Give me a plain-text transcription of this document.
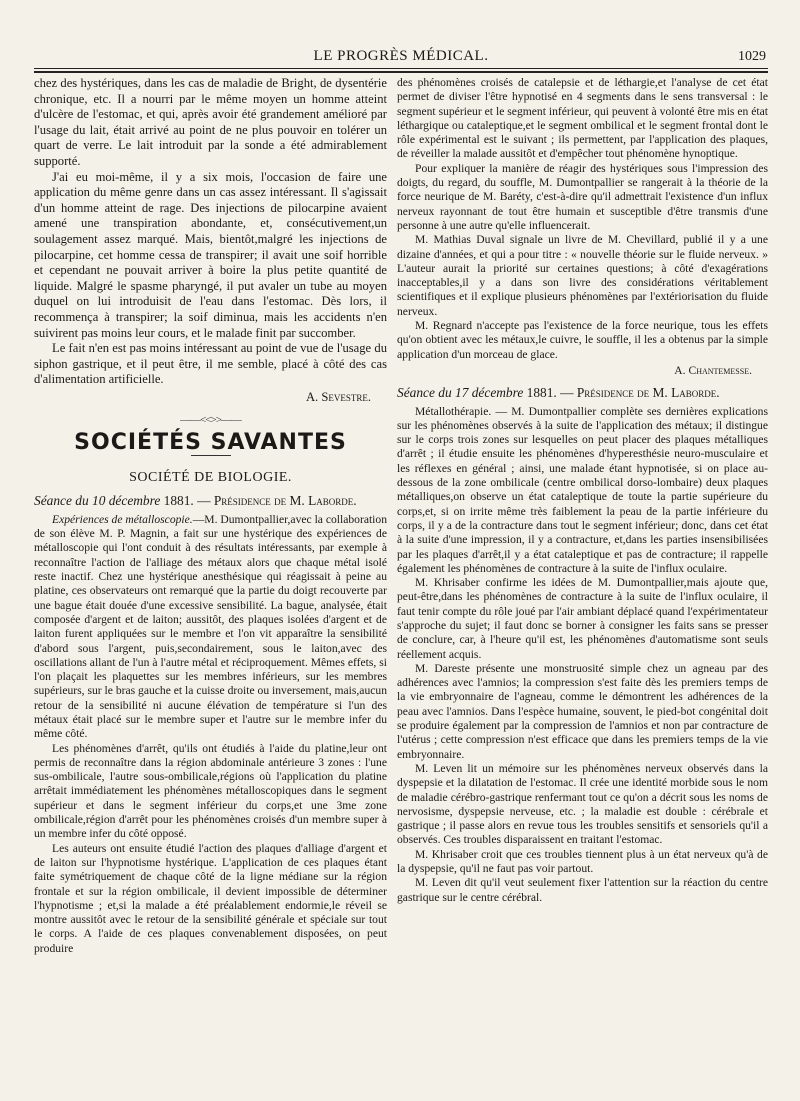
LE PROGRÈS MÉDICAL.	1029

chez des hystériques, dans les cas de maladie de Bright, de dysentérie chronique, etc. Il a nourri par le même moyen un homme atteint d'ulcère de l'estomac, et qui, après avoir été grandement amélioré par l'usage du lait, était arrivé au point de ne plus pouvoir en tolérer un quart de verre. Le lait introduit par la sonde a été admirablement supporté.

J'ai eu moi-même, il y a six mois, l'occasion de faire une application du même genre dans un cas assez intéressant. Il s'agissait d'un homme atteint de rage. Des injections de pilocarpine avaient amené une transpiration abondante, et, consécutivement,un soulagement assez marqué. Mais, bientôt,malgré les injections de pilocarpine, cet homme cessa de transpirer; il avait une soif horrible et cependant ne pouvait arriver à boire la plus petite quantité de liquide. Malgré le spasme pharyngé, il put avaler un tube au moyen duquel on lui introduisit de l'eau dans l'estomac. Dès lors, il recommença à transpirer; la soif diminua, mais les accidents n'en suivirent pas moins leur cours, et le malade finit par succomber.

Le fait n'en est pas moins intéressant au point de vue de l'usage du siphon gastrique, et il peut être, il me semble, placé à côté des cas d'alimentation artificielle.

A. Sevestre.
——<<>>——
SOCIÉTÉS SAVANTES
SOCIÉTÉ DE BIOLOGIE.

Séance du 10 décembre 1881. — Présidence de M. Laborde.

Expériences de métalloscopie.—M. Dumontpallier,avec la collaboration de son élève M. P. Magnin, a fait sur une hystérique des expériences de métalloscopie qui l'ont conduit à des résultats intéressants, par exemple à reconnaître l'action de l'alliage des métaux alors que chaque métal isolé reste inactif. Chez une hystérique anesthésique qui réagissait à peine au platine, ces observateurs ont remarqué que la partie du doigt recouverte par une bague était douée d'une excessive sensibilité. La bague, analysée, était composée d'argent et de laiton; aussitôt, des plaques isolées d'argent et de laiton furent appliquées sur le membre et l'on vit apparaître la sensibilité d'abord sous l'argent, puis,secondairement, sous le laiton,avec des oscillations allant de l'un à l'autre métal et réciproquement. Mêmes effets, si l'on plaçait les plaquettes sur les membres inférieurs, sur les membres supérieurs, sur le bras gauche et la cuisse droite ou inversement, mais,aucun retour de la sensibilité ni aucune élévation de température si l'un des métaux était placé sur le membre super et l'autre sur le membre infer du même côté.

Les phénomènes d'arrêt, qu'ils ont étudiés à l'aide du platine,leur ont permis de reconnaître dans la région abdominale antérieure 3 zones : l'une sus-ombilicale, l'autre sous-ombilicale,régions où l'application du platine arrêtait immédiatement les phénomènes métalloscopiques dans le segment supérieur et dans le segment inférieur du corps,et une 3me zone ombilicale,région d'arrêt pour les phénomènes croisés d'un membre super à un membre infer du côté opposé.

Les auteurs ont ensuite étudié l'action des plaques d'alliage d'argent et de laiton sur l'hypnotisme hystérique. L'application de ces plaques étant faite symétriquement de chaque côté de la ligne médiane sur la région frontale et sur la région ombilicale, il devient impossible de déterminer l'hypnotisme ; et,si la malade a été préalablement endormie,le réveil se montre aussitôt avec le retour de la sensibilité générale et spéciale sur tout le corps. A l'aide de ces plaques convenablement disposées, on peut produire

des phénomènes croisés de catalepsie et de léthargie,et l'analyse de cet état permet de diviser l'être hypnotisé en 4 segments dans le sens transversal : le segment supérieur et le segment inférieur, qui peuvent à volonté être mis en état léthargique ou cataleptique,et le segment ombilical et le segment frontal dont le rôle expérimental est le suivant ; ils permettent, par l'application des plaques, de réveiller la malade aussitôt et d'empêcher tout phénomène hynoptique.

Pour expliquer la manière de réagir des hystériques sous l'impression des doigts, du regard, du souffle, M. Dumontpallier se rangerait à la théorie de la force neurique de M. Baréty, c'est-à-dire qu'il admettrait l'existence d'un influx nerveux rayonnant de tout être humain et susceptible d'être transmis d'une personne à une autre qu'elle influencerait.

M. Mathias Duval signale un livre de M. Chevillard, publié il y a une dizaine d'années, et qui a pour titre : « nouvelle théorie sur le fluide nerveux. » L'auteur aurait la priorité sur certaines questions; à côté d'exagérations inacceptables,il y a dans son livre des considérations véritablement scientifiques et il explique plusieurs phénomènes par l'extériorisation du fluide nerveux.

M. Regnard n'accepte pas l'existence de la force neurique, tous les effets qu'on obtient avec les métaux,le cuivre, le souffle, il les a obtenus par la simple application d'un morceau de glace.

A. Chantemesse.

Séance du 17 décembre 1881. — Présidence de M. Laborde.

Métallothérapie. — M. Dumontpallier complète ses dernières explications sur les phénomènes observés à la suite de l'application des métaux; il distingue sur le corps trois zones sur lesquelles on peut placer des plaques métalliques d'arrêt ; il étudie ensuite les phénomènes d'hyperesthésie neuro-musculaire et les réflexes en général ; ainsi, une malade étant hypnotisée, si on place au-dessous de la zone ombilicale (centre ombilical dorso-lombaire) deux plaques métalliques,on observe un état cataleptique de toute la partie supérieure du corps,et, si on irrite même très faiblement la peau de la partie inférieure du corps, il y a de la contracture dans tout le segment inférieur; donc, dans cet état à la suite d'une impression, il y a contracture, et,dans les parties insensibilisées par les plaques d'arrêt,il y a état cataleptique et pas de contracture; il rappelle également les phénomènes de contracture à la suite de l'influx oculaire.

M. Khrisaber confirme les idées de M. Dumontpallier,mais ajoute que, peut-être,dans les phénomènes de contracture à la suite de l'influx oculaire, il faut tenir compte du rôle joué par l'air ambiant déplacé quand l'expérimentateur s'approche du sujet; il faut donc se borner à consigner les faits sans se presser de conclure, car, à l'heure qu'il est, les phénomènes d'automatisme sont seuls réellement acquis.

M. Dareste présente une monstruosité simple chez un agneau par des adhérences avec l'amnios; la compression s'est faite dès les premiers temps de la vie embryonnaire de l'agneau, comme le démontrent les adhérences de la peau avec l'amnios. Dans l'espèce humaine, souvent, le pied-bot congénital doit se produire également par la compression de l'amnios et non par contracture de l'utérus ; cette compression n'est efficace que dans les premiers temps de la vie embryonnaire.

M. Leven lit un mémoire sur les phénomènes nerveux observés dans la dyspepsie et la dilatation de l'estomac. Il crée une identité morbide sous le nom de maladie cérébro-gastrique renfermant tout ce qu'on a décrit sous les noms de nervosisme, dyspepsie nerveuse, etc. ; la maladie est double : cérébrale et gastrique ; il passe alors en revue tous les troubles sensitifs et sensoriels qu'il a observés. Ces troubles disparaissent en traitant l'estomac.

M. Khrisaber croit que ces troubles tiennent plus à un état nerveux qu'à de la dyspepsie, qu'il ne faut pas voir partout.

M. Leven dit qu'il veut seulement fixer l'attention sur la réaction du centre gastrique sur le centre cérébral.
